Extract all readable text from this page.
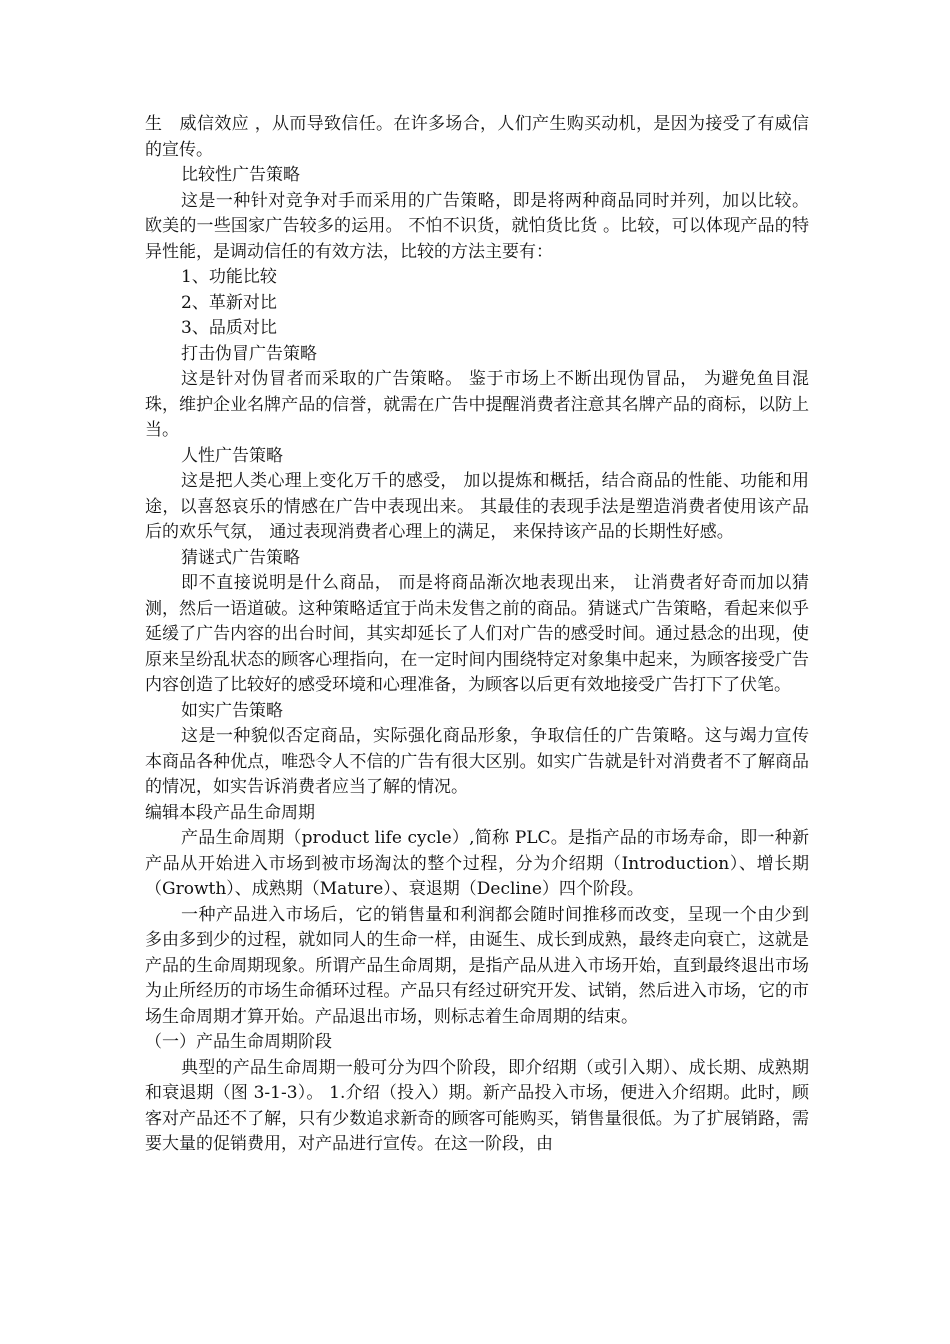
生　威信效应 ，从而导致信任。在许多场合，人们产生购买动机，是因为接受了有威信的宣传。

比较性广告策略

这是一种针对竞争对手而采用的广告策略，即是将两种商品同时并列，加以比较。欧美的一些国家广告较多的运用。 不怕不识货，就怕货比货 。比较，可以体现产品的特异性能，是调动信任的有效方法，比较的方法主要有：

1、功能比较

2、革新对比

3、品质对比

打击伪冒广告策略

这是针对伪冒者而采取的广告策略。 鉴于市场上不断出现伪冒品， 为避免鱼目混珠，维护企业名牌产品的信誉，就需在广告中提醒消费者注意其名牌产品的商标，以防上当。

人性广告策略

这是把人类心理上变化万千的感受， 加以提炼和概括，结合商品的性能、功能和用途，以喜怒哀乐的情感在广告中表现出来。 其最佳的表现手法是塑造消费者使用该产品后的欢乐气氛， 通过表现消费者心理上的满足， 来保持该产品的长期性好感。

猜谜式广告策略

即不直接说明是什么商品， 而是将商品渐次地表现出来， 让消费者好奇而加以猜测，然后一语道破。这种策略适宜于尚未发售之前的商品。猜谜式广告策略，看起来似乎延缓了广告内容的出台时间，其实却延长了人们对广告的感受时间。通过悬念的出现，使原来呈纷乱状态的顾客心理指向，在一定时间内围绕特定对象集中起来，为顾客接受广告内容创造了比较好的感受环境和心理准备，为顾客以后更有效地接受广告打下了伏笔。

如实广告策略

这是一种貌似否定商品，实际强化商品形象，争取信任的广告策略。这与竭力宣传本商品各种优点，唯恐令人不信的广告有很大区别。如实广告就是针对消费者不了解商品的情况，如实告诉消费者应当了解的情况。

编辑本段产品生命周期

产品生命周期（product life cycle）,简称 PLC。是指产品的市场寿命，即一种新产品从开始进入市场到被市场淘汰的整个过程，分为介绍期（Introduction）、增长期（Growth）、成熟期（Mature）、衰退期（Decline）四个阶段。

一种产品进入市场后，它的销售量和利润都会随时间推移而改变，呈现一个由少到多由多到少的过程，就如同人的生命一样，由诞生、成长到成熟，最终走向衰亡，这就是产品的生命周期现象。所谓产品生命周期，是指产品从进入市场开始，直到最终退出市场为止所经历的市场生命循环过程。产品只有经过研究开发、试销，然后进入市场，它的市场生命周期才算开始。产品退出市场，则标志着生命周期的结束。

（一）产品生命周期阶段

典型的产品生命周期一般可分为四个阶段，即介绍期（或引入期）、成长期、成熟期和衰退期（图 3-1-3）。 1.介绍（投入）期。新产品投入市场，便进入介绍期。此时，顾客对产品还不了解，只有少数追求新奇的顾客可能购买，销售量很低。为了扩展销路，需要大量的促销费用，对产品进行宣传。在这一阶段，由
